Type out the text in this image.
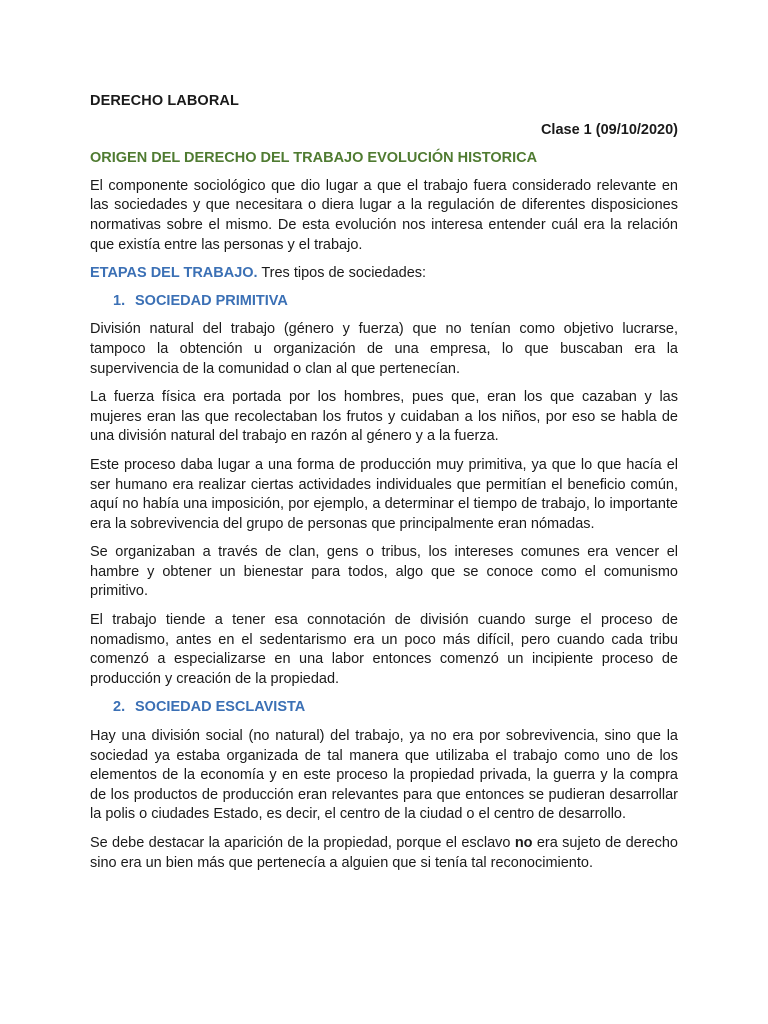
DERECHO LABORAL
Clase 1 (09/10/2020)
ORIGEN DEL DERECHO DEL TRABAJO EVOLUCIÓN HISTORICA

El componente sociológico que dio lugar a que el trabajo fuera considerado relevante en las sociedades y que necesitara o diera lugar a la regulación de diferentes disposiciones normativas sobre el mismo. De esta evolución nos interesa entender cuál era la relación que existía entre las personas y el trabajo.

ETAPAS DEL TRABAJO. Tres tipos de sociedades:
1. SOCIEDAD PRIMITIVA

División natural del trabajo (género y fuerza) que no tenían como objetivo lucrarse, tampoco la obtención u organización de una empresa, lo que buscaban era la supervivencia de la comunidad o clan al que pertenecían.

La fuerza física era portada por los hombres, pues que, eran los que cazaban y las mujeres eran las que recolectaban los frutos y cuidaban a los niños, por eso se habla de una división natural del trabajo en razón al género y a la fuerza.

Este proceso daba lugar a una forma de producción muy primitiva, ya que lo que hacía el ser humano era realizar ciertas actividades individuales que permitían el beneficio común, aquí no había una imposición, por ejemplo, a determinar el tiempo de trabajo, lo importante era la sobrevivencia del grupo de personas que principalmente eran nómadas.

Se organizaban a través de clan, gens o tribus, los intereses comunes era vencer el hambre y obtener un bienestar para todos, algo que se conoce como el comunismo primitivo.

El trabajo tiende a tener esa connotación de división cuando surge el proceso de nomadismo, antes en el sedentarismo era un poco más difícil, pero cuando cada tribu comenzó a especializarse en una labor entonces comenzó un incipiente proceso de producción y creación de la propiedad.

2. SOCIEDAD ESCLAVISTA

Hay una división social (no natural) del trabajo, ya no era por sobrevivencia, sino que la sociedad ya estaba organizada de tal manera que utilizaba el trabajo como uno de los elementos de la economía y en este proceso la propiedad privada, la guerra y la compra de los productos de producción eran relevantes para que entonces se pudieran desarrollar la polis o ciudades Estado, es decir, el centro de la ciudad o el centro de desarrollo.

Se debe destacar la aparición de la propiedad, porque el esclavo no era sujeto de derecho sino era un bien más que pertenecía a alguien que si tenía tal reconocimiento.
